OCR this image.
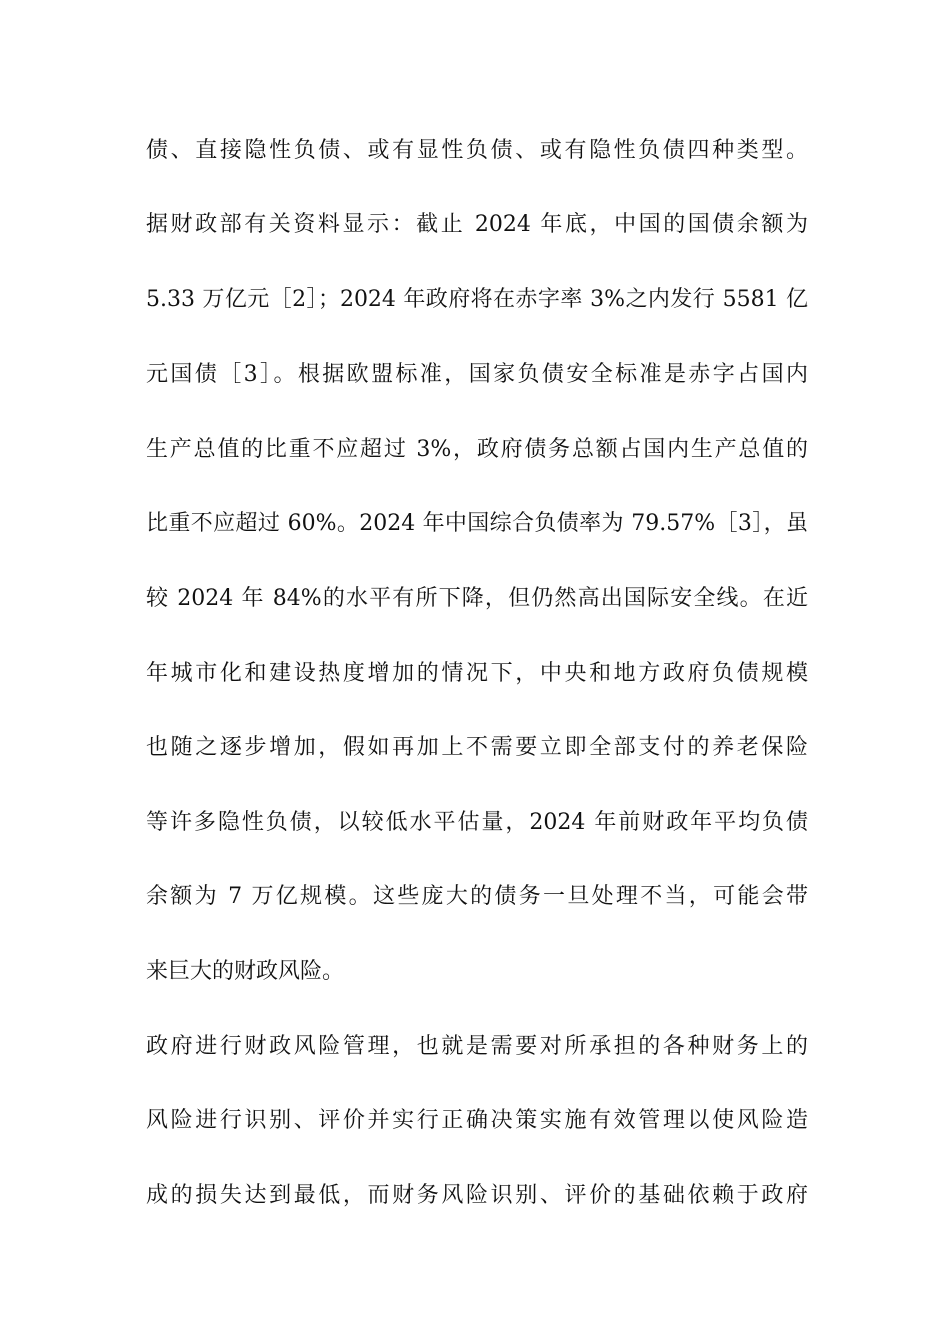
债、直接隐性负债、或有显性负债、或有隐性负债四种类型。
据财政部有关资料显示：截止 2024 年底，中国的国债余额为
5.33 万亿元［2］；2024 年政府将在赤字率 3%之内发行 5581 亿
元国债［3］。根据欧盟标准，国家负债安全标准是赤字占国内
生产总值的比重不应超过 3%，政府债务总额占国内生产总值的
比重不应超过 60%。2024 年中国综合负债率为 79.57%［3］，虽
较 2024 年 84%的水平有所下降，但仍然高出国际安全线。在近
年城市化和建设热度增加的情况下，中央和地方政府负债规模
也随之逐步增加，假如再加上不需要立即全部支付的养老保险
等许多隐性负债，以较低水平估量，2024 年前财政年平均负债
余额为 7 万亿规模。这些庞大的债务一旦处理不当，可能会带
来巨大的财政风险。
政府进行财政风险管理，也就是需要对所承担的各种财务上的
风险进行识别、评价并实行正确决策实施有效管理以使风险造
成的损失达到最低，而财务风险识别、评价的基础依赖于政府
